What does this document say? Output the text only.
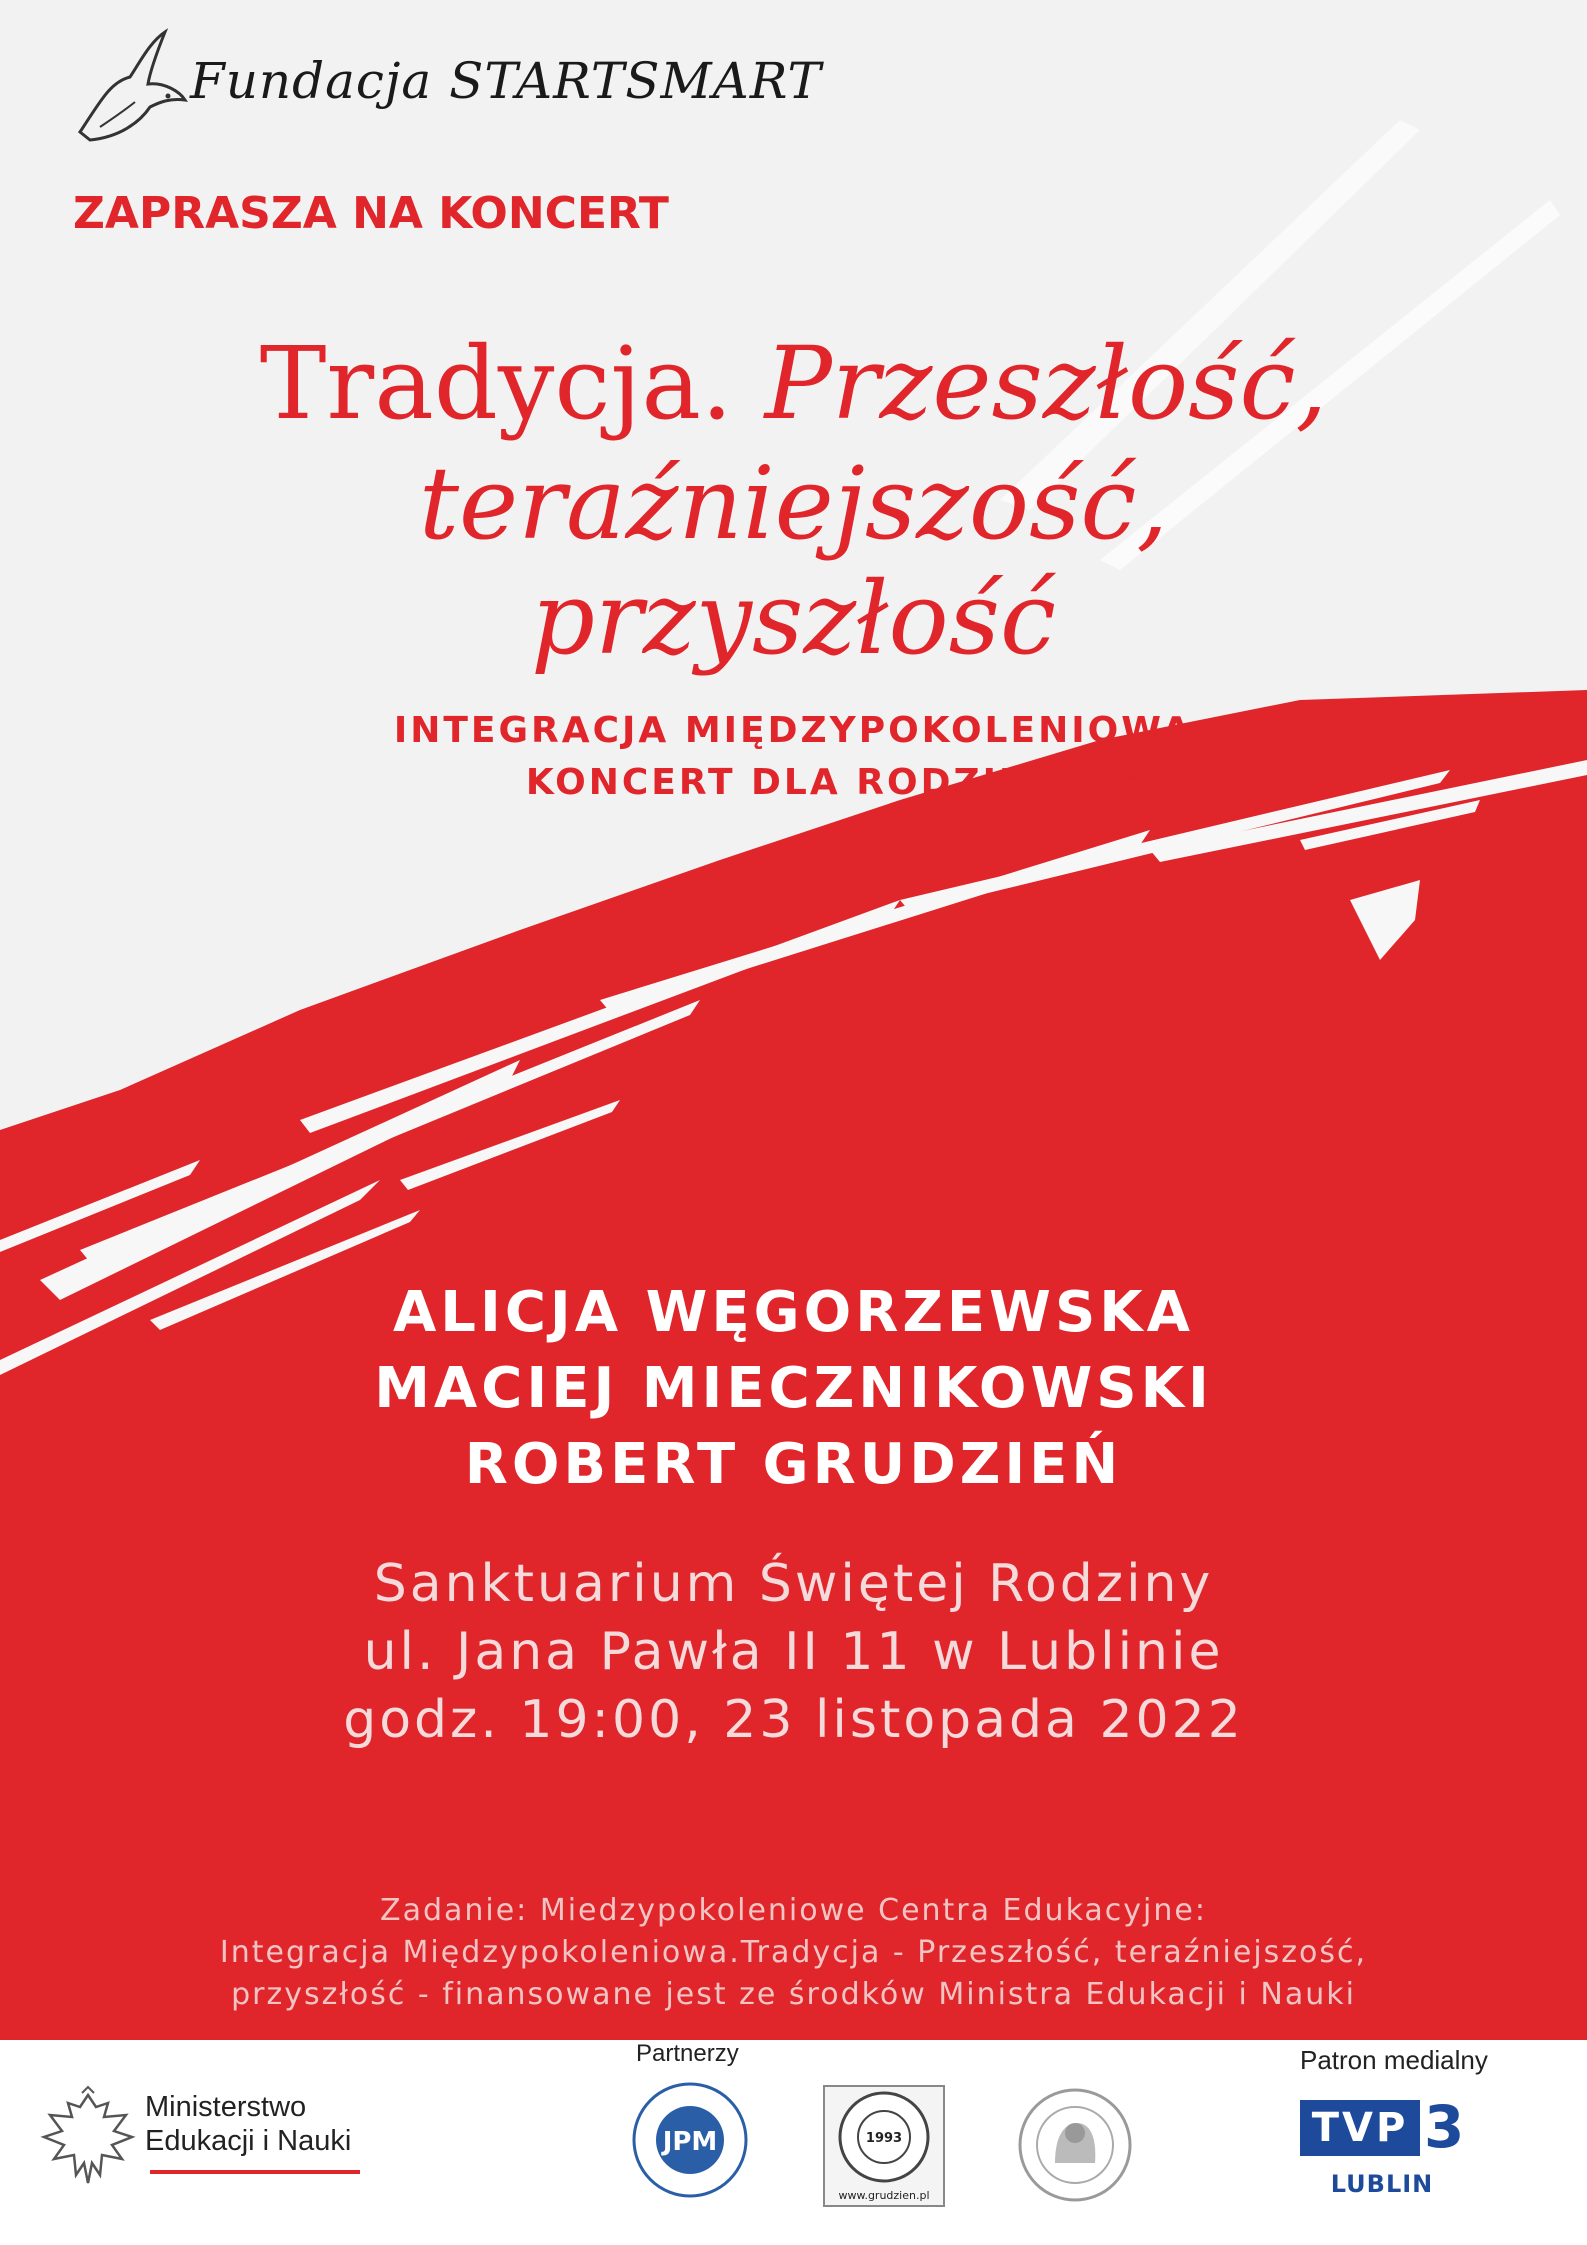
Fundacja STARTSMART
ZAPRASZA NA KONCERT
Tradycja. Przeszłość,
teraźniejszość,
przyszłość
INTEGRACJA MIĘDZYPOKOLENIOWA
KONCERT DLA RODZINY
ALICJA WĘGORZEWSKA
MACIEJ MIECZNIKOWSKI
ROBERT GRUDZIEŃ
Sanktuarium Świętej Rodziny
ul. Jana Pawła II 11 w Lublinie
godz. 19:00, 23 listopada 2022
Zadanie: Miedzypokoleniowe Centra Edukacyjne:
Integracja Międzypokoleniowa.Tradycja - Przeszłość, teraźniejszość,
przyszłość - finansowane jest ze środków Ministra Edukacji i Nauki
Ministerstwo
Edukacji i Nauki
Partnerzy
JPM	1993
www.grudzien.pl
Patron medialny
TVP 3
LUBLIN
